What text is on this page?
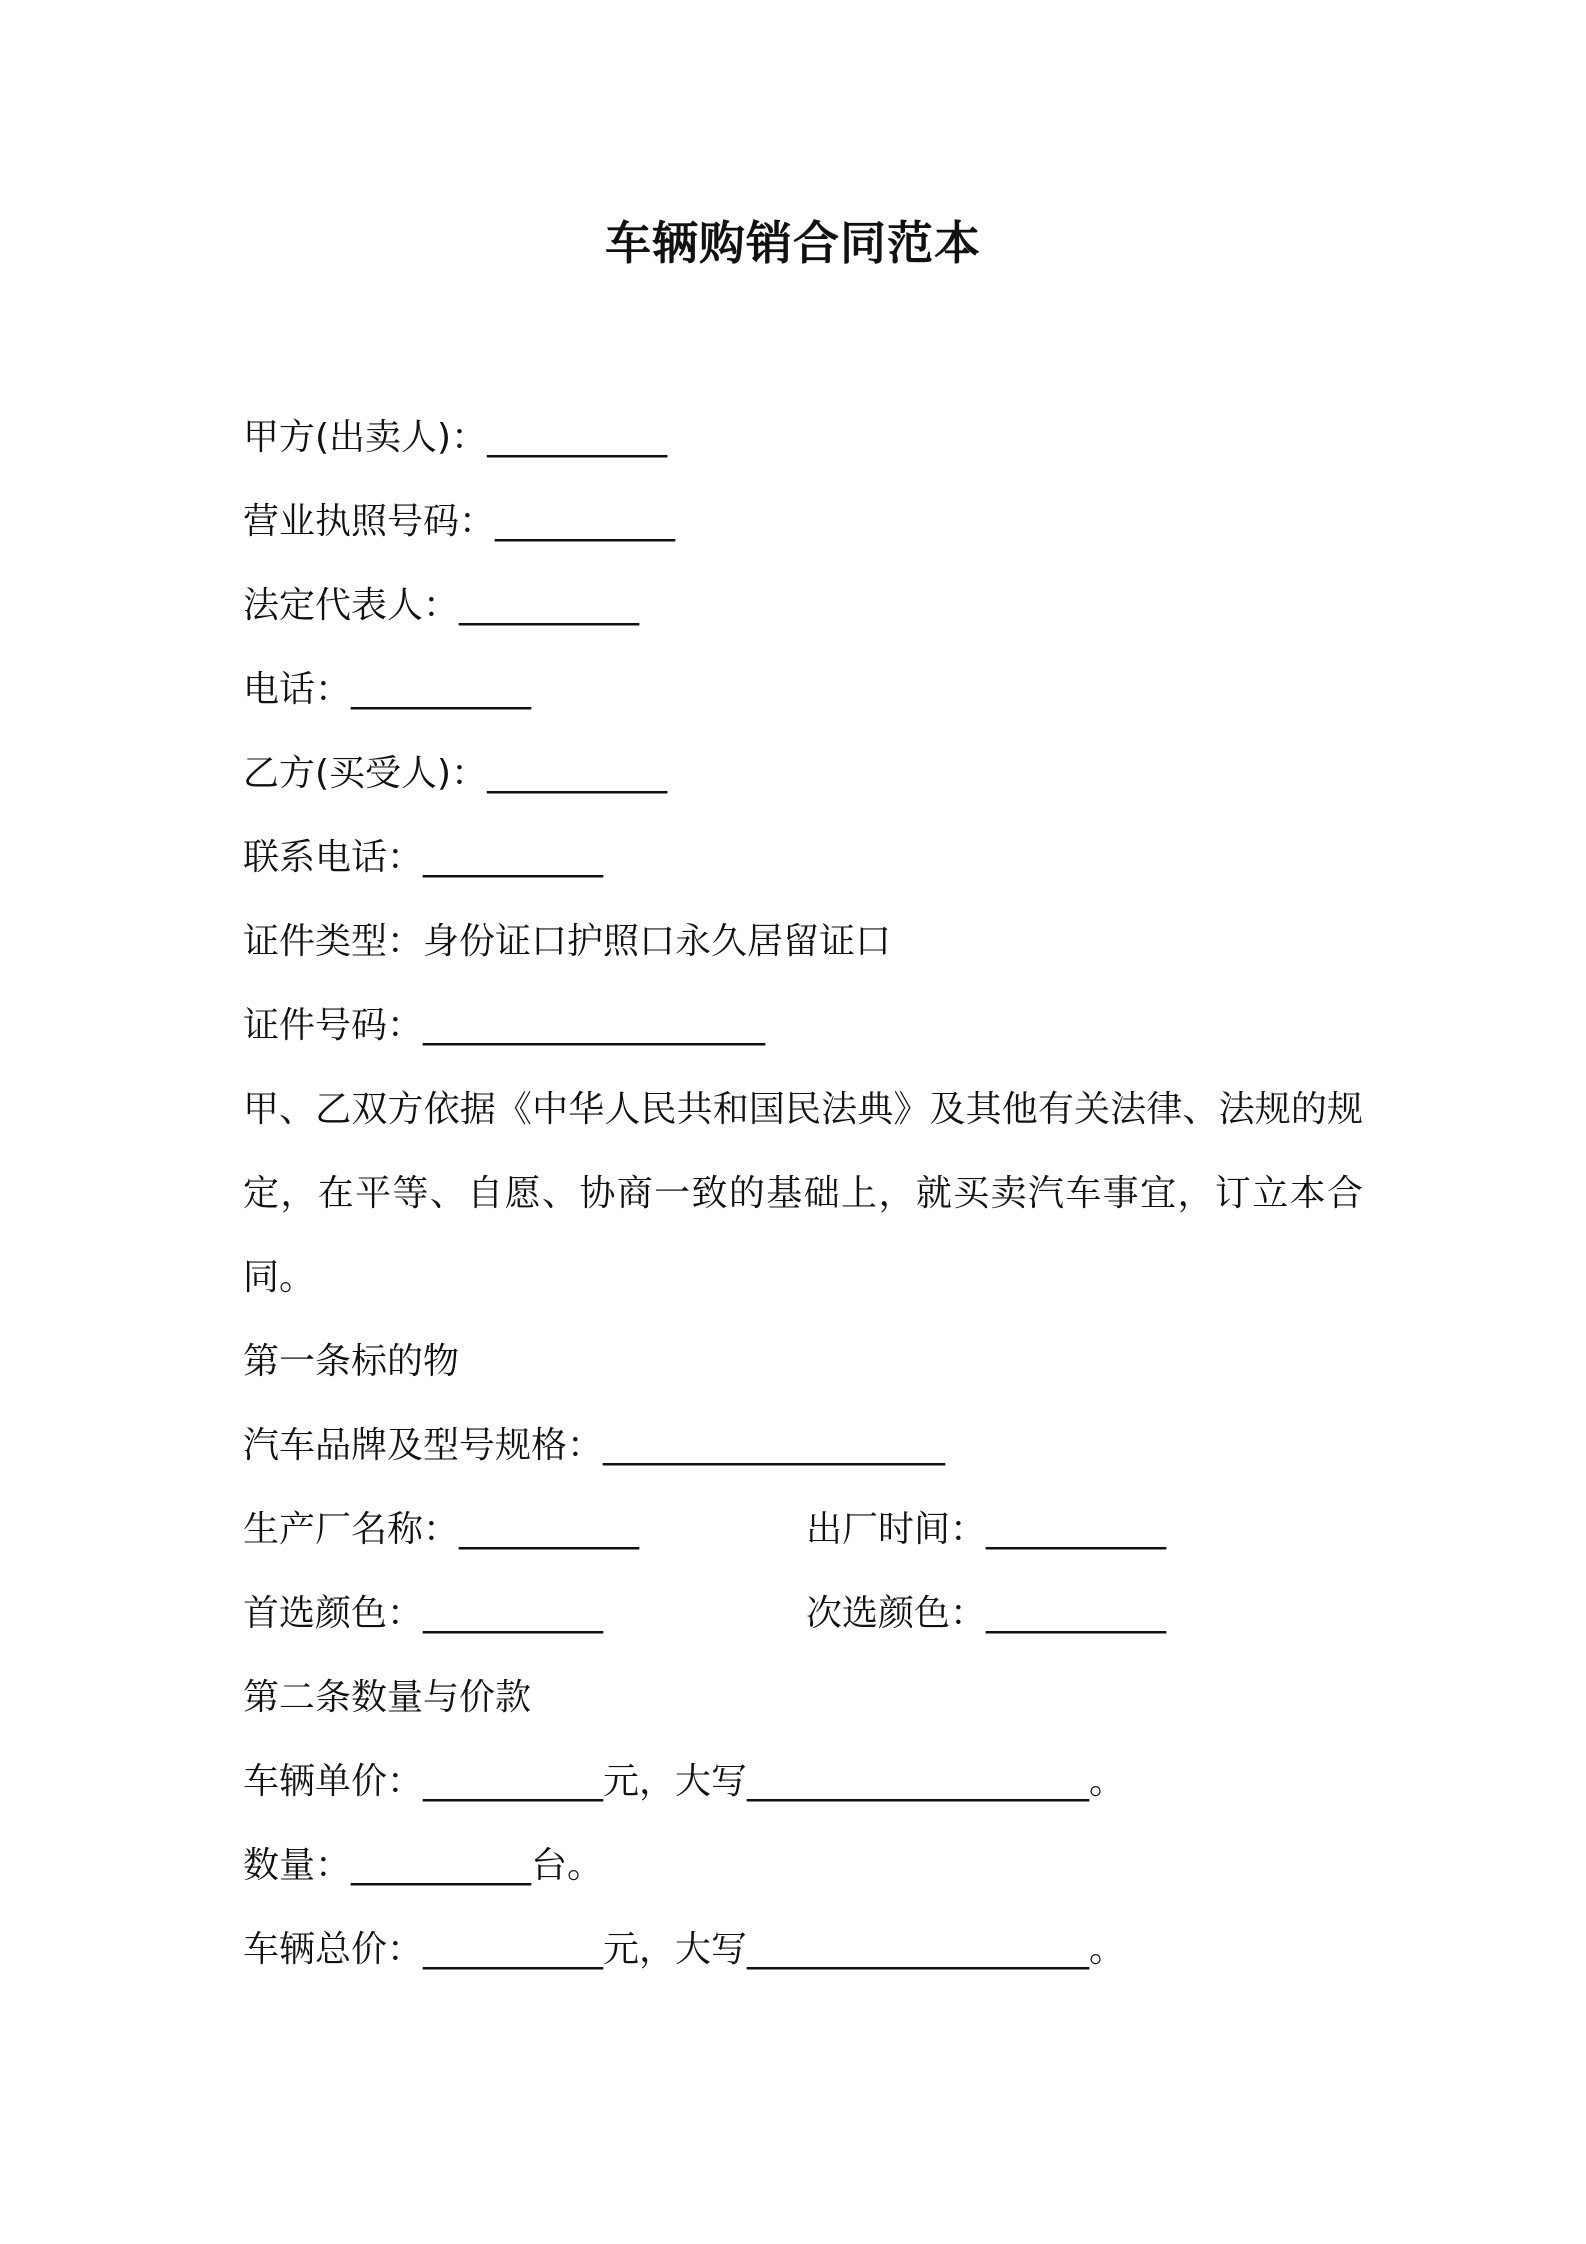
车辆购销合同范本
甲方(出卖人)：__________
营业执照号码：__________
法定代表人：__________
电话：__________
乙方(买受人)：__________
联系电话：__________
证件类型：身份证口护照口永久居留证口
证件号码：___________________
甲、乙双方依据《中华人民共和国民法典》及其他有关法律、法规的规定，在平等、自愿、协商一致的基础上，就买卖汽车事宜，订立本合同。
第一条标的物
汽车品牌及型号规格：___________________
生产厂名称：__________	出厂时间：__________
首选颜色：__________	次选颜色：__________
第二条数量与价款
车辆单价：__________元，大写___________________。
数量：__________台。
车辆总价：__________元，大写___________________。
